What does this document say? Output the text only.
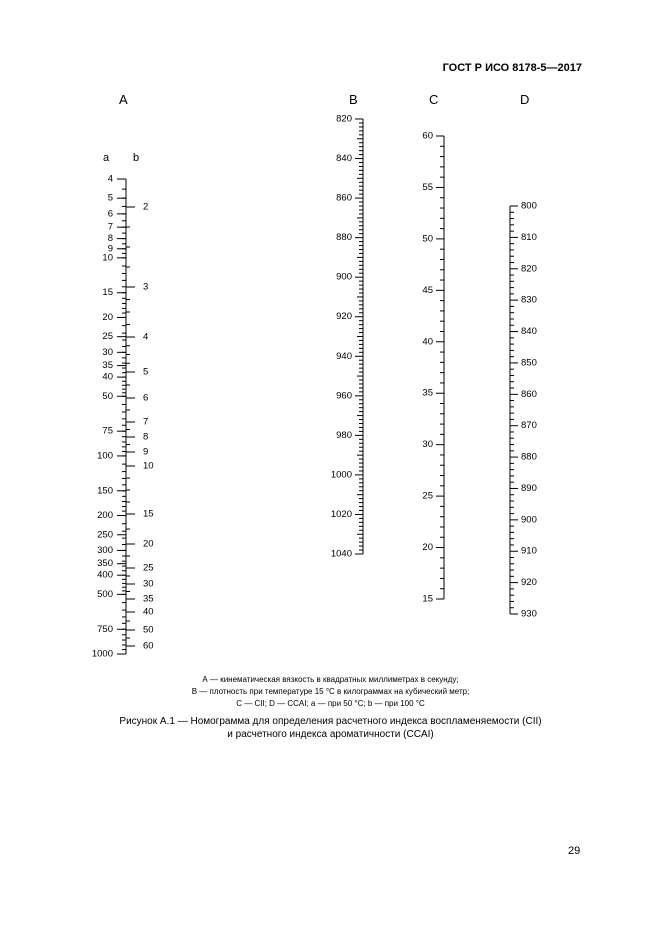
ГОСТ Р ИСО 8178-5—2017
A	B	C	D
a b
4
5
6
7
8
9
10
15
20
25
30
35
40
50
75
100
150
200
250
300
350
400
500
750
1000
2
3
4
5
6
7
8
9
10
15
20
25
30
35
40
50
60
820
840
860
880
900
920
940
960
980
1000
1020
1040
15
20
25
30
35
40
45
50
55
60
800
810
820
830
840
850
860
870
880
890
900
910
920
930
А — кинематическая вязкость в квадратных миллиметрах в секунду;
В — плотность при температуре 15 °С в килограммах на кубический метр;
С — CII; D — CCAI; а — при 50 °С; b — при 100 °С
Рисунок А.1 — Номограмма для определения расчетного индекса воспламеняемости (CII)
и расчетного индекса ароматичности (CCAI)
29
